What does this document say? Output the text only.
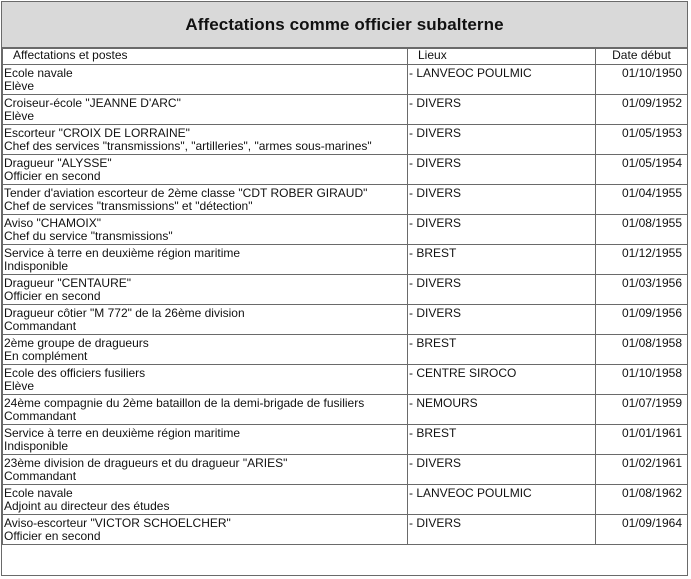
Affectations comme officier subalterne
Affectations et postes	Lieux	Date début

Ecole navale
Elève	- LANVEOC POULMIC	01/10/1950

Croiseur-école "JEANNE D'ARC"
Elève	- DIVERS	01/09/1952

Escorteur "CROIX DE LORRAINE"
Chef des services "transmissions", "artilleries", "armes sous-marines"	- DIVERS	01/05/1953

Dragueur "ALYSSE"
Officier en second	- DIVERS	01/05/1954

Tender d'aviation escorteur de 2ème classe "CDT ROBER GIRAUD"
Chef de services "transmissions" et "détection"	- DIVERS	01/04/1955

Aviso "CHAMOIX"
Chef du service "transmissions"	- DIVERS	01/08/1955

Service à terre en deuxième région maritime
Indisponible	- BREST	01/12/1955

Dragueur "CENTAURE"
Officier en second	- DIVERS	01/03/1956

Dragueur côtier "M 772" de la 26ème division
Commandant	- DIVERS	01/09/1956

2ème groupe de dragueurs
En complément	- BREST	01/08/1958

Ecole des officiers fusiliers
Elève	- CENTRE SIROCO	01/10/1958

24ème compagnie du 2ème bataillon de la demi-brigade de fusiliers
Commandant	- NEMOURS	01/07/1959

Service à terre en deuxième région maritime
Indisponible	- BREST	01/01/1961

23ème division de dragueurs et du dragueur "ARIES"
Commandant	- DIVERS	01/02/1961

Ecole navale
Adjoint au directeur des études	- LANVEOC POULMIC	01/08/1962

Aviso-escorteur "VICTOR SCHOELCHER"
Officier en second	- DIVERS	01/09/1964
